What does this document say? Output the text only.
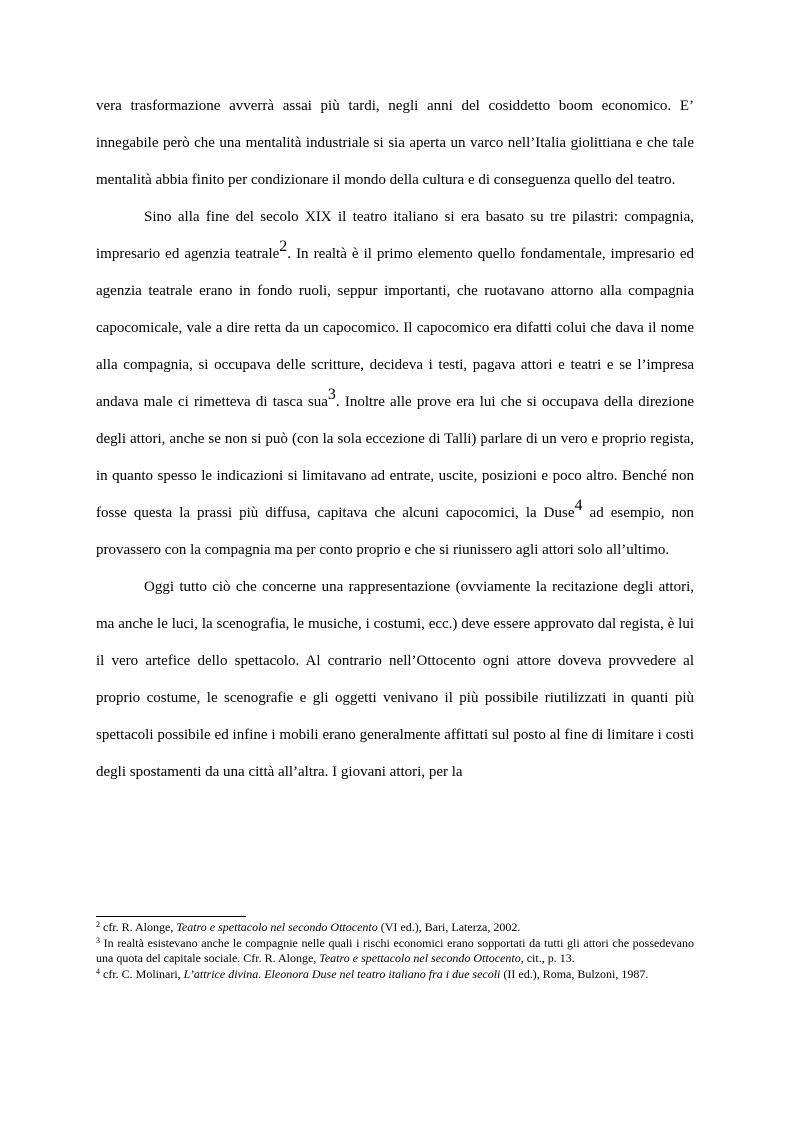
vera trasformazione avverrà assai più tardi, negli anni del cosiddetto boom economico. E’ innegabile però che una mentalità industriale si sia aperta un varco nell’Italia giolittiana e che tale mentalità abbia finito per condizionare il mondo della cultura e di conseguenza quello del teatro.

Sino alla fine del secolo XIX il teatro italiano si era basato su tre pilastri: compagnia, impresario ed agenzia teatrale2. In realtà è il primo elemento quello fondamentale, impresario ed agenzia teatrale erano in fondo ruoli, seppur importanti, che ruotavano attorno alla compagnia capocomicale, vale a dire retta da un capocomico. Il capocomico era difatti colui che dava il nome alla compagnia, si occupava delle scritture, decideva i testi, pagava attori e teatri e se l’impresa andava male ci rimetteva di tasca sua3. Inoltre alle prove era lui che si occupava della direzione degli attori, anche se non si può (con la sola eccezione di Talli) parlare di un vero e proprio regista, in quanto spesso le indicazioni si limitavano ad entrate, uscite, posizioni e poco altro. Benché non fosse questa la prassi più diffusa, capitava che alcuni capocomici, la Duse4 ad esempio, non provassero con la compagnia ma per conto proprio e che si riunissero agli attori solo all’ultimo.

Oggi tutto ciò che concerne una rappresentazione (ovviamente la recitazione degli attori, ma anche le luci, la scenografia, le musiche, i costumi, ecc.) deve essere approvato dal regista, è lui il vero artefice dello spettacolo. Al contrario nell’Ottocento ogni attore doveva provvedere al proprio costume, le scenografie e gli oggetti venivano il più possibile riutilizzati in quanti più spettacoli possibile ed infine i mobili erano generalmente affittati sul posto al fine di limitare i costi degli spostamenti da una città all’altra. I giovani attori, per la

$^2$ cfr. R. Alonge, Teatro e spettacolo nel secondo Ottocento (VI ed.), Bari, Laterza, 2002.

$^3$ In realtà esistevano anche le compagnie nelle quali i rischi economici erano sopportati da tutti gli attori che possedevano una quota del capitale sociale. Cfr. R. Alonge, Teatro e spettacolo nel secondo Ottocento, cit., p. 13.

$^4$ cfr. C. Molinari, L’attrice divina. Eleonora Duse nel teatro italiano fra i due secoli (II ed.), Roma, Bulzoni, 1987.
